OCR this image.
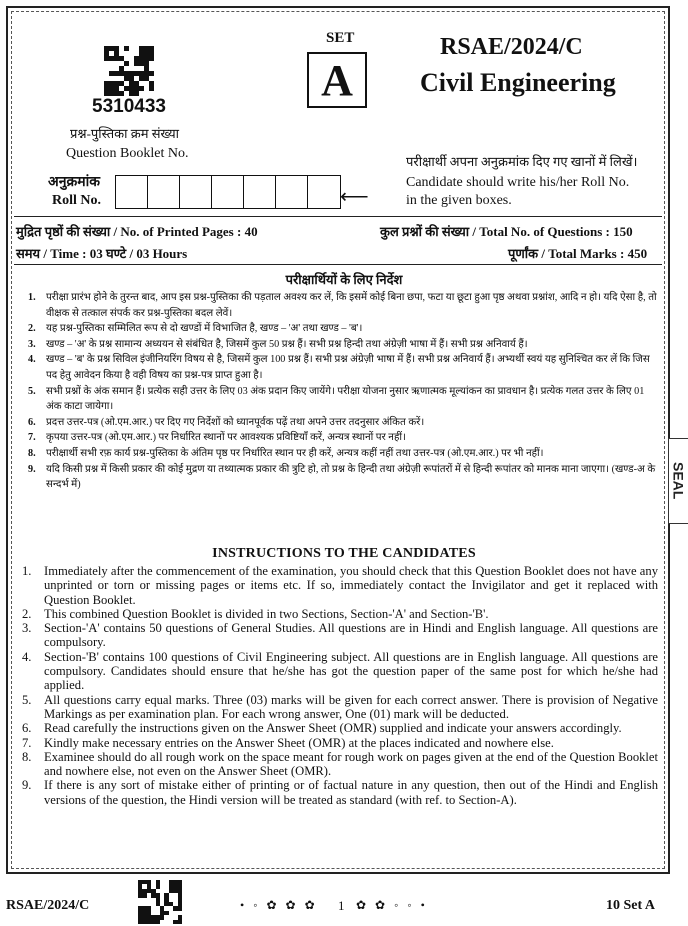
5310433
प्रश्न-पुस्तिका क्रम संख्या
Question Booklet No.
SET
A
RSAE/2024/C
Civil Engineering
परीक्षार्थी अपना अनुक्रमांक दिए गए खानों में लिखें।
Candidate should write his/her Roll No.
in the given boxes.
अनुक्रमांक
Roll No.	⟵
मुद्रित पृष्ठों की संख्या / No. of Printed Pages : 40	कुल प्रश्नों की संख्या / Total No. of Questions : 150
समय / Time : 03 घण्टे / 03 Hours	पूर्णांक / Total Marks : 450
परीक्षार्थियों के लिए निर्देश
1.	परीक्षा प्रारंभ होने के तुरन्त बाद, आप इस प्रश्न-पुस्तिका की पड़ताल अवश्य कर लें, कि इसमें कोई बिना छपा, फटा या छूटा हुआ पृष्ठ अथवा प्रश्नांश, आदि न हो। यदि ऐसा है, तो वीक्षक से तत्काल संपर्क कर प्रश्न-पुस्तिका बदल लेवें।
2.	यह प्रश्न-पुस्तिका सम्मिलित रूप से दो खण्डों में विभाजित है, खण्ड – 'अ' तथा खण्ड – 'ब'।
3.	खण्ड – 'अ' के प्रश्न सामान्य अध्ययन से संबंधित है, जिसमें कुल 50 प्रश्न हैं। सभी प्रश्न हिन्दी तथा अंग्रेज़ी भाषा में हैं। सभी प्रश्न अनिवार्य हैं।
4.	खण्ड – 'ब' के प्रश्न सिविल इंजीनियरिंग विषय से है, जिसमें कुल 100 प्रश्न हैं। सभी प्रश्न अंग्रेज़ी भाषा में हैं। सभी प्रश्न अनिवार्य हैं। अभ्यर्थी स्वयं यह सुनिश्चित कर लें कि जिस पद हेतु आवेदन किया है वही विषय का प्रश्न-पत्र प्राप्त हुआ है।
5.	सभी प्रश्नों के अंक समान हैं। प्रत्येक सही उत्तर के लिए 03 अंक प्रदान किए जायेंगे। परीक्षा योजना नुसार ऋणात्मक मूल्यांकन का प्रावधान है। प्रत्येक गलत उत्तर के लिए 01 अंक काटा जायेगा।
6.	प्रदत्त उत्तर-पत्र (ओ.एम.आर.) पर दिए गए निर्देशों को ध्यानपूर्वक पढ़ें तथा अपने उत्तर तदनुसार अंकित करें।
7.	कृपया उत्तर-पत्र (ओ.एम.आर.) पर निर्धारित स्थानों पर आवश्यक प्रविष्टियाँ करें, अन्यत्र स्थानों पर नहीं।
8.	परीक्षार्थी सभी रफ़ कार्य प्रश्न-पुस्तिका के अंतिम पृष्ठ पर निर्धारित स्थान पर ही करें, अन्यत्र कहीं नहीं तथा उत्तर-पत्र (ओ.एम.आर.) पर भी नहीं।
9.	यदि किसी प्रश्न में किसी प्रकार की कोई मुद्रण या तथ्यात्मक प्रकार की त्रुटि हो, तो प्रश्न के हिन्दी तथा अंग्रेज़ी रूपांतरों में से हिन्दी रूपांतर को मानक माना जाएगा। (खण्ड-अ के सन्दर्भ में)
INSTRUCTIONS TO THE CANDIDATES
1. Immediately after the commencement of the examination, you should check that this Question Booklet does not have any unprinted or torn or missing pages or items etc. If so, immediately contact the Invigilator and get it replaced with Question Booklet.
2. This combined Question Booklet is divided in two Sections, Section-'A' and Section-'B'.
3. Section-'A' contains 50 questions of General Studies. All questions are in Hindi and English language. All questions are compulsory.
4. Section-'B' contains 100 questions of Civil Engineering subject. All questions are in English language. All questions are compulsory. Candidates should ensure that he/she has got the question paper of the same post for which he/she had applied.
5. All questions carry equal marks. Three (03) marks will be given for each correct answer. There is provision of Negative Markings as per examination plan. For each wrong answer, One (01) mark will be deducted.
6. Read carefully the instructions given on the Answer Sheet (OMR) supplied and indicate your answers accordingly.
7. Kindly make necessary entries on the Answer Sheet (OMR) at the places indicated and nowhere else.
8. Examinee should do all rough work on the space meant for rough work on pages given at the end of the Question Booklet and nowhere else, not even on the Answer Sheet (OMR).
9. If there is any sort of mistake either of printing or of factual nature in any question, then out of the Hindi and English versions of the question, the Hindi version will be treated as standard (with ref. to Section-A).
SEAL
RSAE/2024/C	• ◦ ✿ ✿ ✿ 1 ✿ ✿ ◦ ◦ •	10 Set A
